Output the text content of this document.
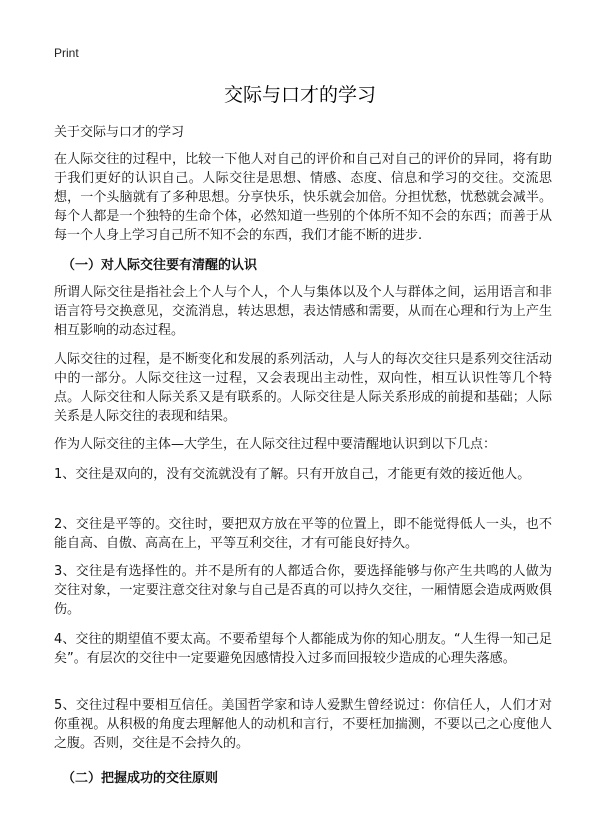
Print
交际与口才的学习
关于交际与口才的学习

在人际交往的过程中，比较一下他人对自己的评价和自己对自己的评价的异同，将有助于我们更好的认识自己。人际交往是思想、情感、态度、信息和学习的交往。交流思想，一个头脑就有了多种思想。分享快乐，快乐就会加倍。分担忧愁，忧愁就会减半。每个人都是一个独特的生命个体，必然知道一些别的个体所不知不会的东西；而善于从每一个人身上学习自己所不知不会的东西，我们才能不断的进步.

（一）对人际交往要有清醒的认识

所谓人际交往是指社会上个人与个人，个人与集体以及个人与群体之间，运用语言和非语言符号交换意见，交流消息，转达思想，表达情感和需要，从而在心理和行为上产生相互影响的动态过程。

人际交往的过程，是不断变化和发展的系列活动，人与人的每次交往只是系列交往活动中的一部分。人际交往这一过程，又会表现出主动性，双向性，相互认识性等几个特点。人际交往和人际关系又是有联系的。人际交往是人际关系形成的前提和基础；人际关系是人际交往的表现和结果。

作为人际交往的主体—大学生，在人际交往过程中要清醒地认识到以下几点：

1、交往是双向的，没有交流就没有了解。只有开放自己，才能更有效的接近他人。

2、交往是平等的。交往时，要把双方放在平等的位置上，即不能觉得低人一头，也不能自高、自傲、高高在上，平等互利交往，才有可能良好持久。

3、交往是有选择性的。并不是所有的人都适合你，要选择能够与你产生共鸣的人做为交往对象，一定要注意交往对象与自己是否真的可以持久交往，一厢情愿会造成两败俱伤。

4、交往的期望值不要太高。不要希望每个人都能成为你的知心朋友。“人生得一知己足矣”。有层次的交往中一定要避免因感情投入过多而回报较少造成的心理失落感。

5、交往过程中要相互信任。美国哲学家和诗人爱默生曾经说过：你信任人，人们才对你重视。从积极的角度去理解他人的动机和言行，不要枉加揣测，不要以己之心度他人之腹。否则，交往是不会持久的。

（二）把握成功的交往原则
